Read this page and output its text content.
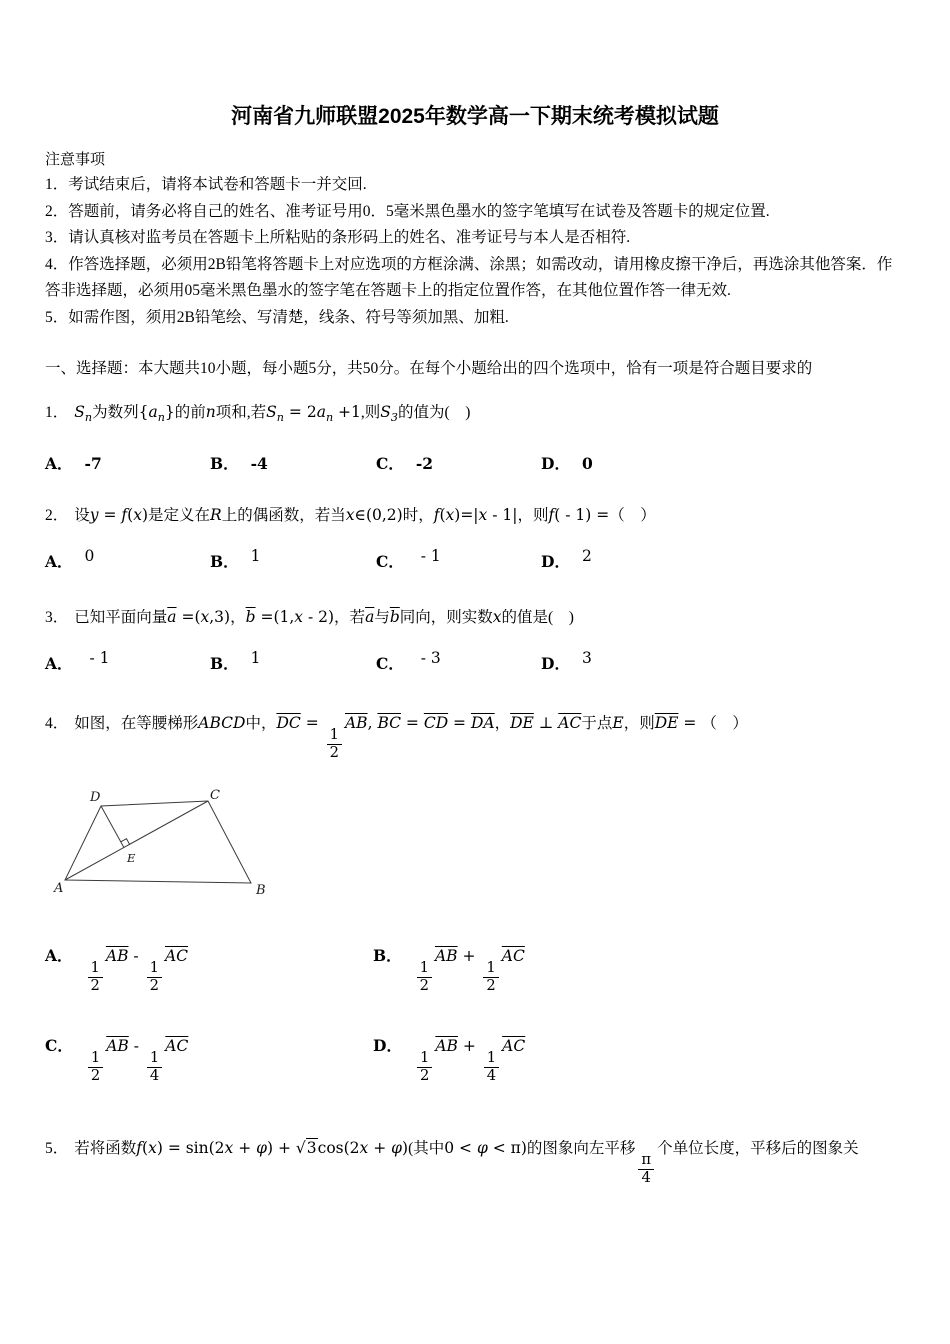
河南省九师联盟2025年数学高一下期末统考模拟试题
注意事项
1．考试结束后，请将本试卷和答题卡一并交回.
2．答题前，请务必将自己的姓名、准考证号用0．5毫米黑色墨水的签字笔填写在试卷及答题卡的规定位置.
3．请认真核对监考员在答题卡上所粘贴的条形码上的姓名、准考证号与本人是否相符.
4．作答选择题，必须用2B铅笔将答题卡上对应选项的方框涂满、涂黑；如需改动，请用橡皮擦干净后，再选涂其他答案．作答非选择题，必须用05毫米黑色墨水的签字笔在答题卡上的指定位置作答，在其他位置作答一律无效.
5．如需作图，须用2B铅笔绘、写清楚，线条、符号等须加黑、加粗.
一、选择题：本大题共10小题，每小题5分，共50分。在每个小题给出的四个选项中，恰有一项是符合题目要求的
1． $S_n$为数列$\{a_n\}$的前n项和,若$S_n = 2a_n +1$,则$S_3$的值为(　)
A． -7	B． -4	C． -2	D． 0
2． 设y = f(x)是定义在R上的偶函数，若当x∈(0,2)时，f(x)=|x - 1|，则f( - 1) =（　）
A． 0	B． 1	C． - 1	D． 2
3． 已知平面向量$\overline{a} =(x,3)$，$\overline{b} =(1,x - 2)$，若$\overline{a}$与$\overline{b}$同向，则实数x的值是(　)
A． - 1	B． 1	C． - 3	D． 3
4． 如图，在等腰梯形ABCD中，$\overline{DC}$ =
$\frac{1}{2}$
$\overline{AB}$, $\overline{BC} = \overline{CD} = \overline{DA}$，$\overline{DE}$ ⊥ $\overline{AC}$于点E，则$\overline{DE}$ = （　）
A	B
C
D
E
A．
$\frac{1}{2}$
$\overline{AB}$ -
$\frac{1}{2}$
$\overline{AC}$	B．
$\frac{1}{2}$
$\overline{AB}$ +
$\frac{1}{2}$
$\overline{AC}$
C．
$\frac{1}{2}$
$\overline{AB}$ -
$\frac{1}{4}$
$\overline{AC}$	D．
$\frac{1}{2}$
$\overline{AB}$ +
$\frac{1}{4}$
$\overline{AC}$
5． 若将函数f(x) = sin(2x + φ) + √3cos(2x + φ)(其中0 < φ < π)的图象向左平移
$\frac{\pi}{4}$
个单位长度，平移后的图象关
